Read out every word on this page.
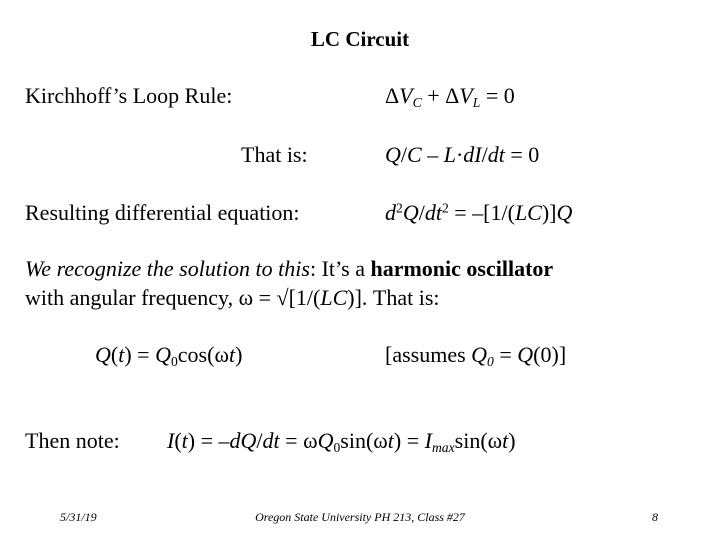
LC Circuit
Kirchhoff’s Loop Rule:	$\Delta V_C + \Delta V_L = 0$
That is:	Q/C – L·dI/dt = 0
Resulting differential equation:	$d^2Q/dt^2 = -[1/(LC)]Q$
We recognize the solution to this: It’s a harmonic oscillator
with angular frequency, ω = √[1/(LC)]. That is:
$Q(t) = Q_0\cos(\omega t)$	[assumes $Q_0 = Q(0)$]
Then note: $I(t) = -dQ/dt = \omega Q_0\sin(\omega t) = I_{max}\sin(\omega t)$
5/31/19	Oregon State University PH 213, Class #27	8
